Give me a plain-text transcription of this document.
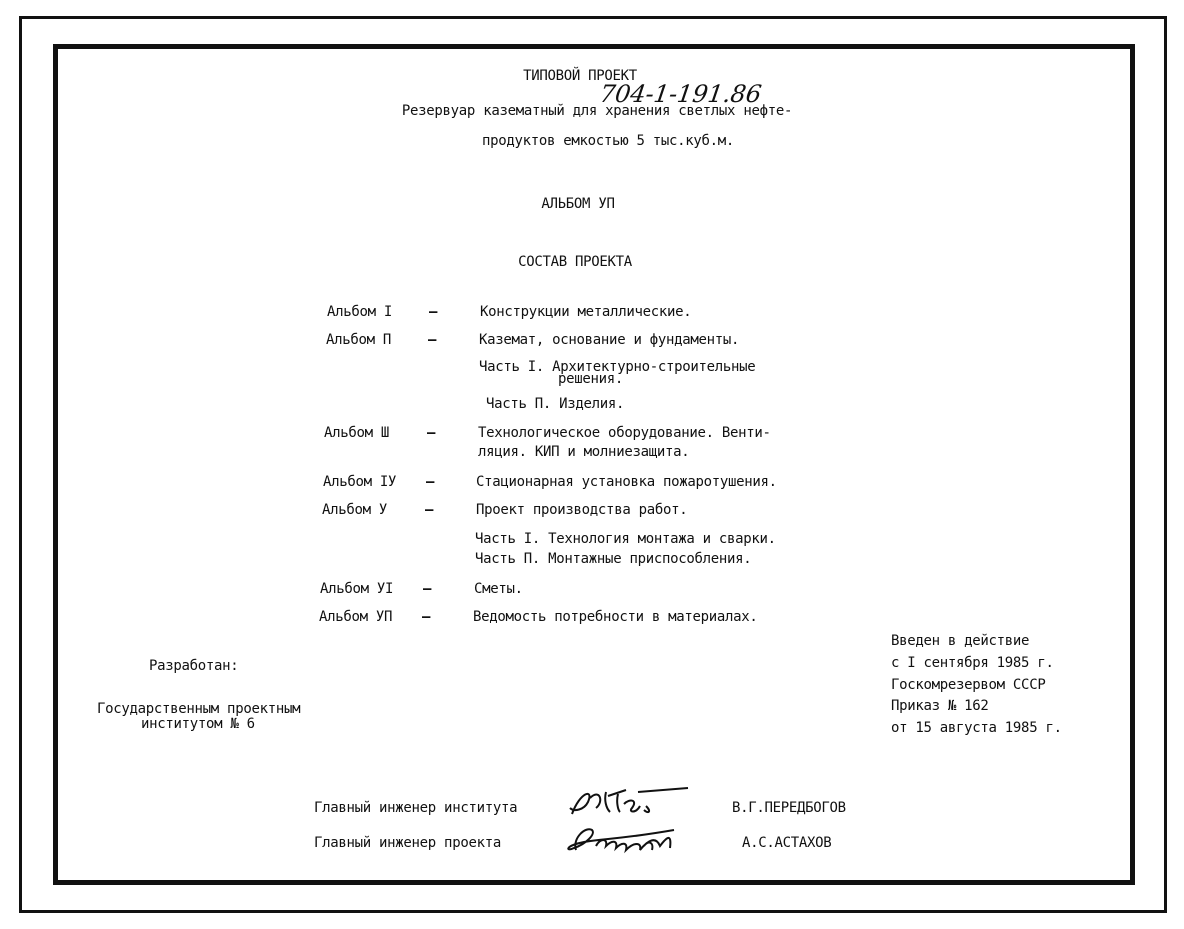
ТИПОВОЙ ПРОЕКТ
704-1-191.86
Резервуар казематный для хранения светлых нефте-
продуктов емкостью 5 тыс.куб.м.
АЛЬБОМ УП
СОСТАВ ПРОЕКТА
Альбом I	–	Конструкции металлические.
Альбом П	–	Каземат, основание и фундаменты.
Часть I. Архитектурно-строительные
решения.
Часть П. Изделия.
Альбом Ш	–	Технологическое оборудование. Венти-
ляция. КИП и молниезащита.
Альбом IУ –	Стационарная установка пожаротушения.
Альбом У	–	Проект производства работ.
Часть I. Технология монтажа и сварки.
Часть П. Монтажные приспособления.
Альбом УI –	Сметы.
Альбом УП –	Ведомость потребности в материалах.
Разработан:
Государственным проектным
институтом № 6
Введен в действие
с I сентября 1985 г.
Госкомрезервом СССР
Приказ № 162
от 15 августа 1985 г.
Главный инженер института	В.Г.ПЕРЕДБОГОВ
Главный инженер проекта	А.С.АСТАХОВ
